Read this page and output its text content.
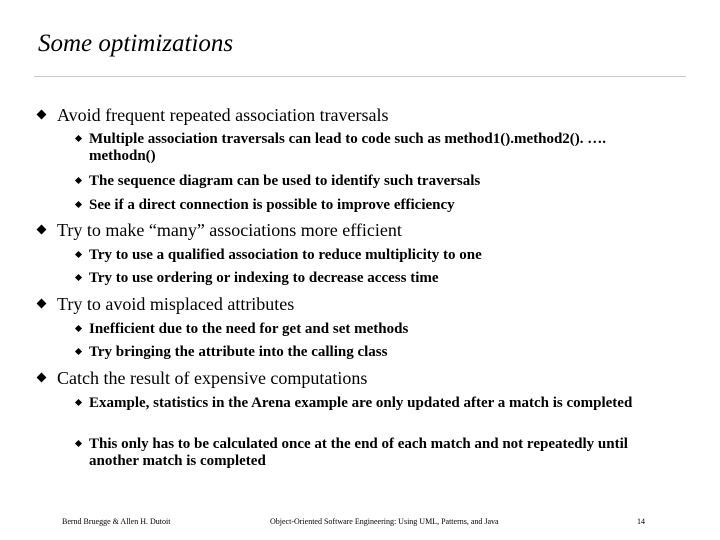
Some optimizations
Avoid frequent repeated association traversals
Multiple association traversals can lead to code such as method1().method2(). …. methodn()
The sequence diagram can be used to identify such traversals
See if a direct connection is possible to improve efficiency
Try to make “many” associations more efficient
Try to use a qualified association to reduce multiplicity to one
Try to use ordering or indexing to decrease access time
Try to avoid misplaced attributes
Inefficient due to the need for get and set methods
Try bringing the attribute into the calling class
Catch the result of expensive computations
Example, statistics in the Arena example are only updated after a match is completed
This only has to be calculated once at the end of each match and not repeatedly until another match is completed
Bernd Bruegge & Allen H. Dutoit	Object-Oriented Software Engineering: Using UML, Patterns, and Java	14
